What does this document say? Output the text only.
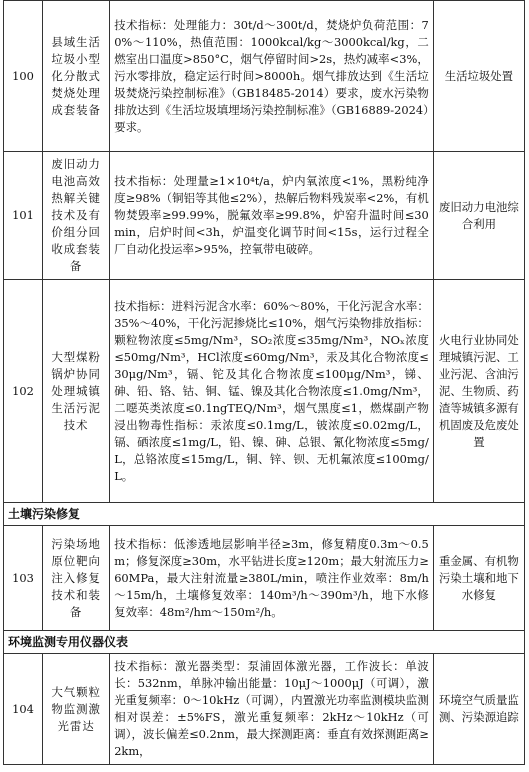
100	县域生活垃圾小型化分散式焚烧处理成套装备	技术指标：处理能力：30t/d～300t/d，焚烧炉负荷范围：70%～110%，热值范围：1000kcal/kg～3000kcal/kg，二燃室出口温度>850°C，烟气停留时间>2s，热灼减率<3%，污水零排放，稳定运行时间>8000h。烟气排放达到《生活垃圾焚烧污染控制标准》（GB18485-2014）要求，废水污染物排放达到《生活垃圾填埋场污染控制标准》（GB16889-2024）要求。	生活垃圾处置
101	废旧动力电池高效热解关键技术及有价组分回收成套装备	技术指标：处理量≥1×10⁴t/a，炉内氧浓度<1%，黑粉纯净度≥98%（铜铝等其他≤2%），热解后物料残炭率<2%，有机物焚毁率≥99.99%，脱氟效率≥99.8%，炉窑升温时间≤30min，启炉时间<3h，炉温变化调节时间<15s，运行过程全厂自动化投运率>95%，控氧带电破碎。	废旧动力电池综合利用
102	大型煤粉锅炉协同处理城镇生活污泥技术	技术指标：进料污泥含水率：60%～80%，干化污泥含水率：35%～40%，干化污泥掺烧比≤10%，烟气污染物排放指标：颗粒物浓度≤5mg/Nm³，SO₂浓度≤35mg/Nm³，NOₓ浓度≤50mg/Nm³，HCl浓度≤60mg/Nm³，汞及其化合物浓度≤30μg/Nm³，镉、铊及其化合物浓度≤100μg/Nm³，锑、砷、铅、铬、钴、铜、锰、镍及其化合物浓度≤1.0mg/Nm³，二噁英类浓度≤0.1ngTEQ/Nm³，烟气黑度≤1，燃煤副产物浸出物毒性指标：汞浓度≤0.1mg/L，铍浓度≤0.02mg/L，镉、硒浓度≤1mg/L，铅、镍、砷、总银、氰化物浓度≤5mg/L，总铬浓度≤15mg/L，铜、锌、钡、无机氟浓度≤100mg/L。	火电行业协同处理城镇污泥、工业污泥、含油污泥、生物质、药渣等城镇多源有机固废及危废处置
土壤污染修复			
103	污染场地原位靶向注入修复技术和装备	技术指标：低渗透地层影响半径≥3m，修复精度0.3m～0.5m；修复深度≥30m，水平钻进长度≥120m；最大射流压力≥60MPa，最大注射流量≥380L/min，喷注作业效率：8m/h～15m/h，土壤修复效率：140m³/h～390m³/h，地下水修复效率：48m²/hm～150m²/h。	重金属、有机物污染土壤和地下水修复
环境监测专用仪器仪表			
104	大气颗粒物监测激光雷达	技术指标：激光器类型：泵浦固体激光器，工作波长：单波长：532nm，单脉冲输出能量：10μJ～1000μJ（可调），激光重复频率：0～10kHz（可调），内置激光功率监测模块监测相对误差：±5%FS，激光重复频率：2kHz～10kHz（可调），波长偏差≤0.2nm，最大探测距离：垂直有效探测距离≥2km，	环境空气质量监测、污染源追踪
